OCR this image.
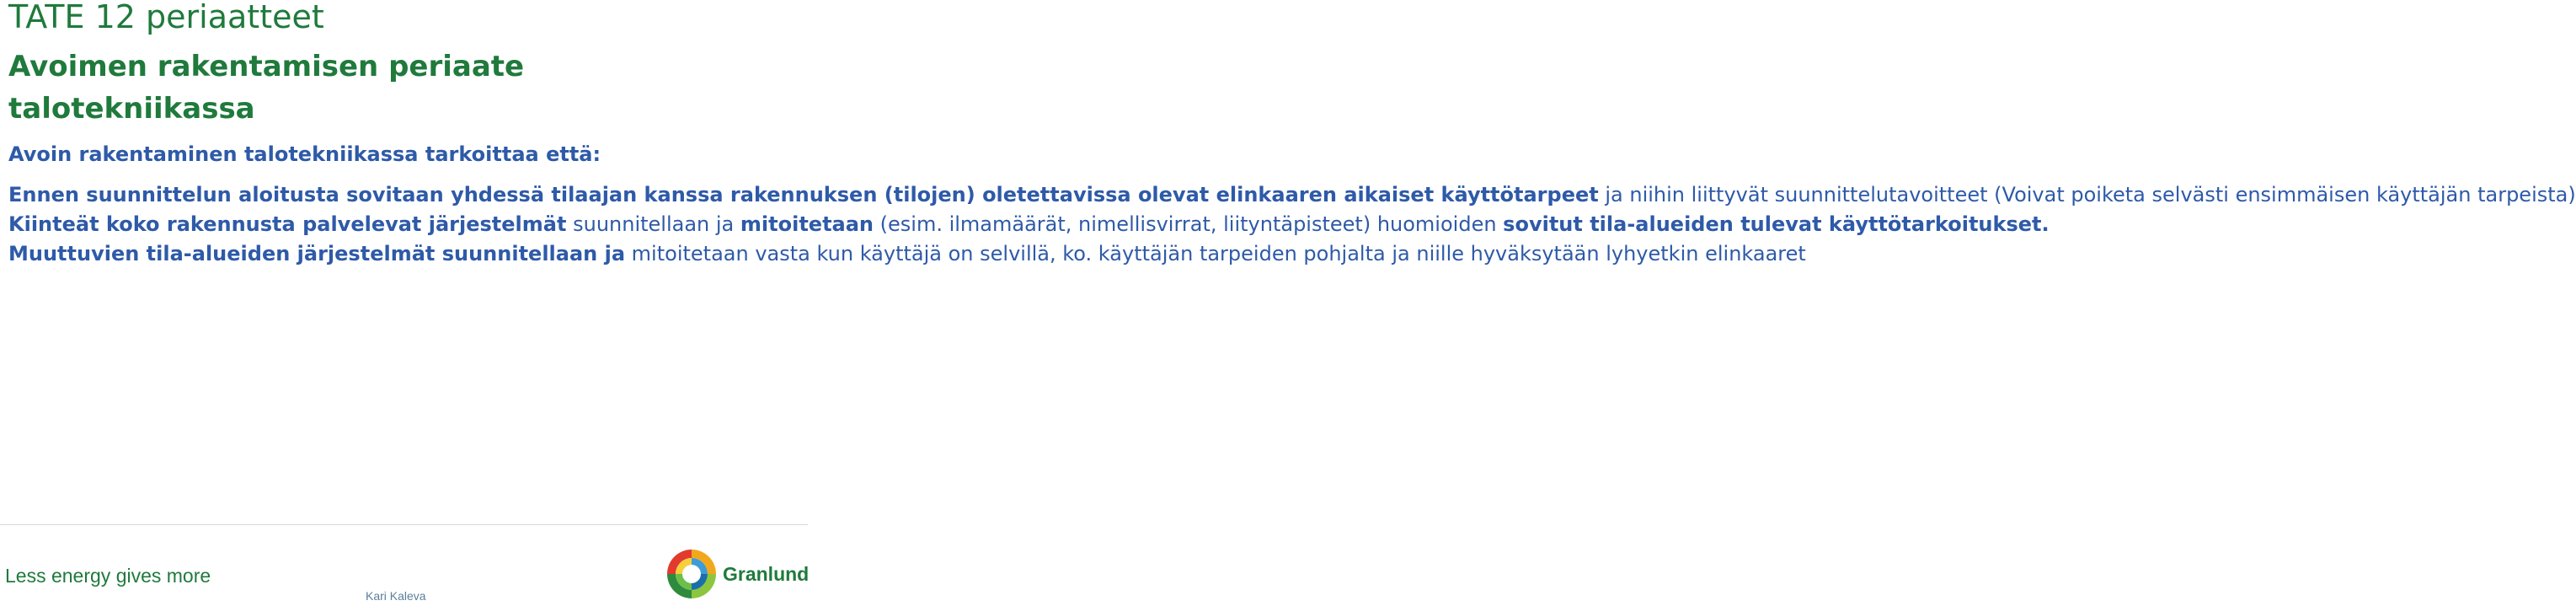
TATE 12 periaatteet
Avoimen rakentamisen periaate talotekniikassa

Avoin rakentaminen talotekniikassa tarkoittaa että:

Ennen suunnittelun aloitusta sovitaan yhdessä tilaajan kanssa rakennuksen (tilojen) oletettavissa olevat elinkaaren aikaiset käyttötarpeet ja niihin liittyvät suunnittelutavoitteet (Voivat poiketa selvästi ensimmäisen käyttäjän tarpeista)

Kiinteät koko rakennusta palvelevat järjestelmät suunnitellaan ja mitoitetaan (esim. ilmamäärät, nimellisvirrat, liityntäpisteet) huomioiden sovitut tila-alueiden tulevat käyttötarkoitukset.

Muuttuvien tila-alueiden järjestelmät suunnitellaan ja mitoitetaan vasta kun käyttäjä on selvillä, ko. käyttäjän tarpeiden pohjalta ja niille hyväksytään lyhyetkin elinkaaret

Less energy gives more
Kari Kaleva
Granlund
